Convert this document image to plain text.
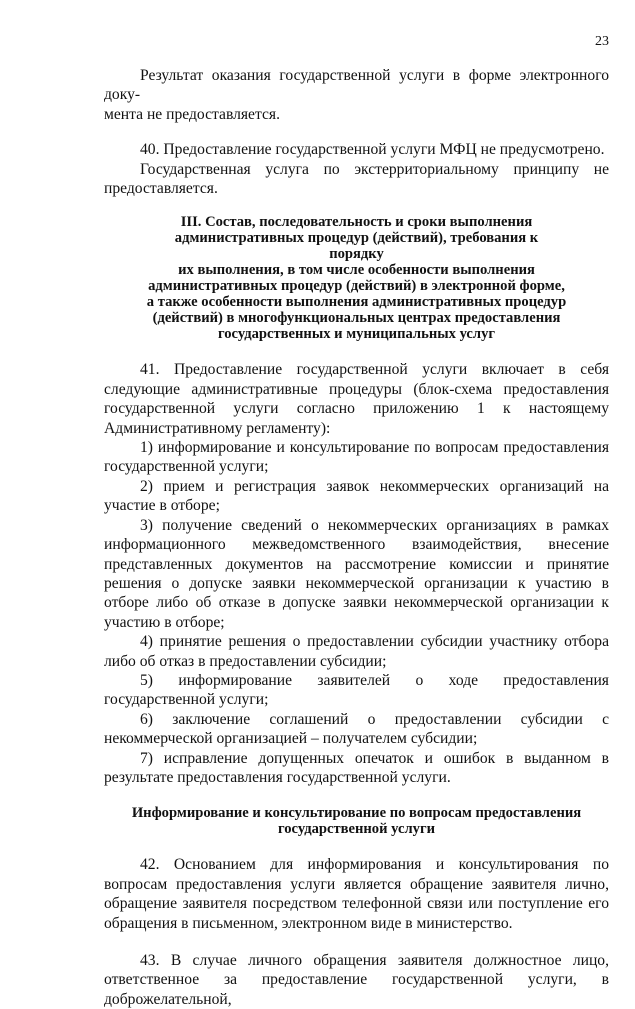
23

Результат оказания государственной услуги в форме электронного доку-

мента не предоставляется.

40. Предоставление государственной услуги МФЦ не предусмотрено.

Государственная услуга по экстерриториальному принципу не предоставляется.

III. Состав, последовательность и сроки выполнения
административных процедур (действий), требования к порядку
их выполнения, в том числе особенности выполнения
административных процедур (действий) в электронной форме,
а также особенности выполнения административных процедур
(действий) в многофункциональных центрах предоставления
государственных и муниципальных услуг

41. Предоставление государственной услуги включает в себя следующие административные процедуры (блок-схема предоставления государственной услуги согласно приложению 1 к настоящему Административному регламенту):

1) информирование и консультирование по вопросам предоставления государственной услуги;

2) прием и регистрация заявок некоммерческих организаций на участие в отборе;

3) получение сведений о некоммерческих организациях в рамках информационного межведомственного взаимодействия, внесение представленных документов на рассмотрение комиссии и принятие решения о допуске заявки некоммерческой организации к участию в отборе либо об отказе в допуске заявки некоммерческой организации к участию в отборе;

4) принятие решения о предоставлении субсидии участнику отбора либо об отказ в предоставлении субсидии;

5) информирование заявителей о ходе предоставления государственной услуги;

6) заключение соглашений о предоставлении субсидии с некоммерческой организацией – получателем субсидии;

7) исправление допущенных опечаток и ошибок в выданном в результате предоставления государственной услуги.

Информирование и консультирование по вопросам предоставления
государственной услуги

42. Основанием для информирования и консультирования по вопросам предоставления услуги является обращение заявителя лично, обращение заявителя посредством телефонной связи или поступление его обращения в письменном, электронном виде в министерство.

43. В случае личного обращения заявителя должностное лицо, ответственное за предоставление государственной услуги, в доброжелательной,
